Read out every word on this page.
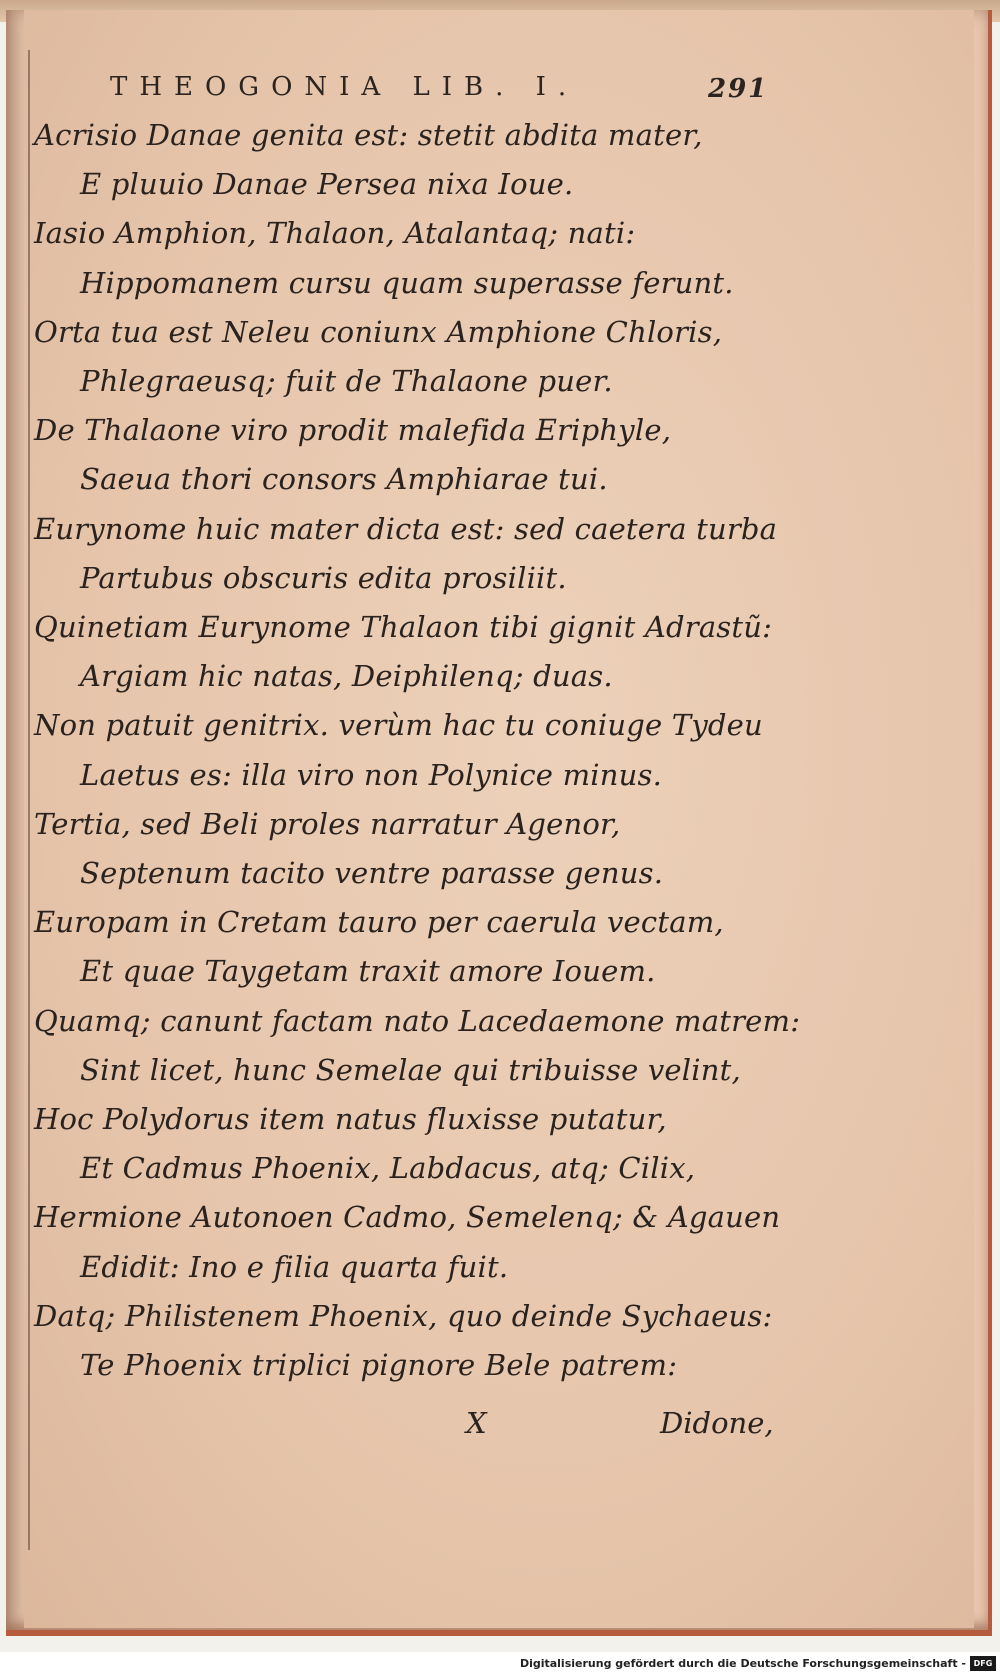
THEOGONIA LIB. I.	291
Acrisio Danae genita est: stetit abdita mater,
E pluuio Danae Persea nixa Ioue.
Iasio Amphion, Thalaon, Atalantaq; nati:
Hippomanem cursu quam superasse ferunt.
Orta tua est Neleu coniunx Amphione Chloris,
Phlegraeusq; fuit de Thalaone puer.
De Thalaone viro prodit malefida Eriphyle,
Saeua thori consors Amphiarae tui.
Eurynome huic mater dicta est: sed caetera turba
Partubus obscuris edita prosiliit.
Quinetiam Eurynome Thalaon tibi gignit Adrastũ:
Argiam hic natas, Deiphilenq; duas.
Non patuit genitrix. verùm hac tu coniuge Tydeu
Laetus es: illa viro non Polynice minus.
Tertia, sed Beli proles narratur Agenor,
Septenum tacito ventre parasse genus.
Europam in Cretam tauro per caerula vectam,
Et quae Taygetam traxit amore Iouem.
Quamq; canunt factam nato Lacedaemone matrem:
Sint licet, hunc Semelae qui tribuisse velint,
Hoc Polydorus item natus fluxisse putatur,
Et Cadmus Phoenix, Labdacus, atq; Cilix,
Hermione Autonoen Cadmo, Semelenq; & Agauen
Edidit: Ino e filia quarta fuit.
Datq; Philistenem Phoenix, quo deinde Sychaeus:
Te Phoenix triplici pignore Bele patrem:
X	Didone,
Digitalisierung gefördert durch die Deutsche Forschungsgemeinschaft - DFG
